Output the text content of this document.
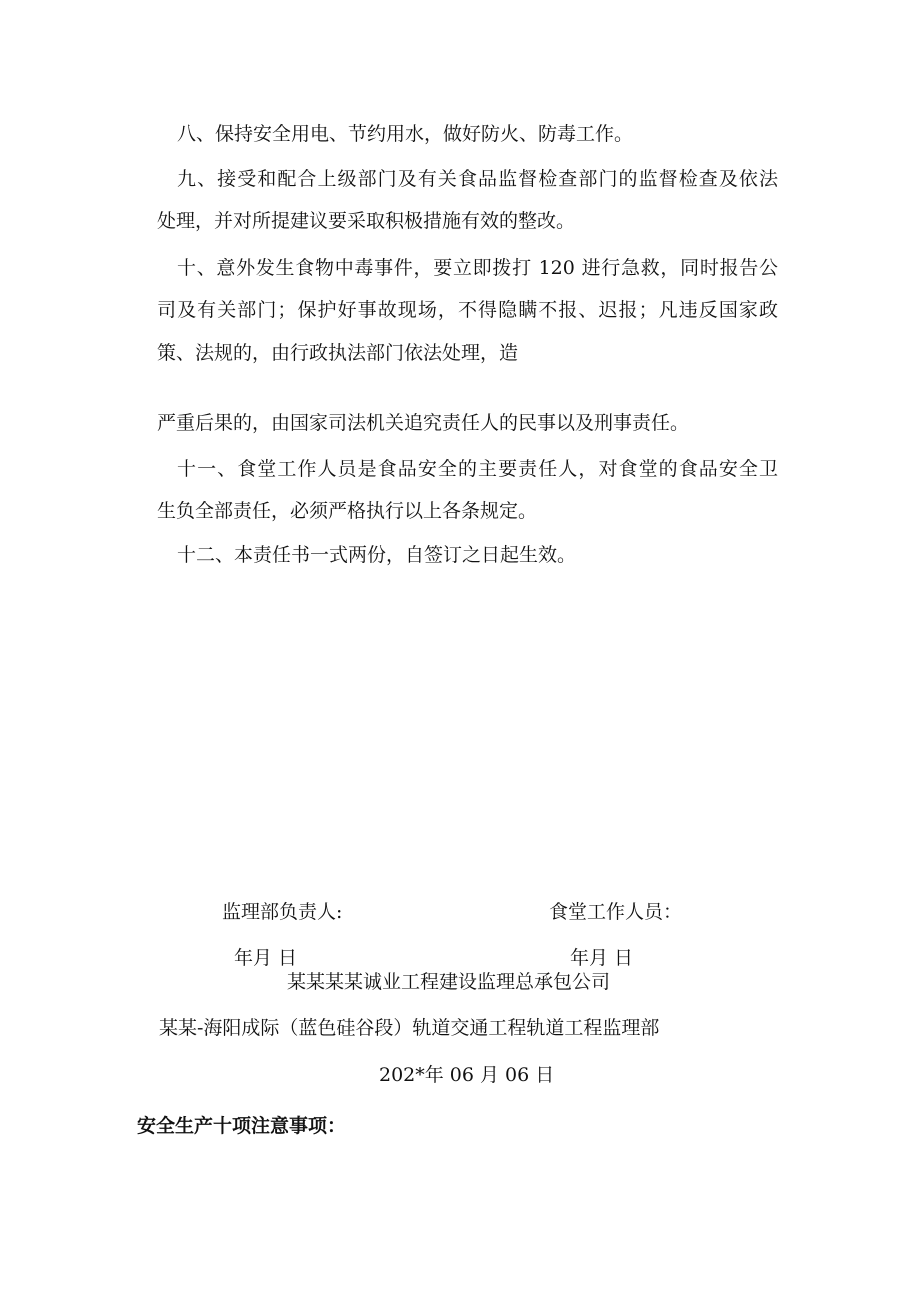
八、保持安全用电、节约用水，做好防火、防毒工作。

九、接受和配合上级部门及有关食品监督检查部门的监督检查及依法

处理，并对所提建议要采取积极措施有效的整改。

十、意外发生食物中毒事件，要立即拨打 120 进行急救，同时报告公

司及有关部门；保护好事故现场，不得隐瞒不报、迟报；凡违反国家政

策、法规的，由行政执法部门依法处理，造

严重后果的，由国家司法机关追究责任人的民事以及刑事责任。

十一、食堂工作人员是食品安全的主要责任人，对食堂的食品安全卫

生负全部责任，必须严格执行以上各条规定。

十二、本责任书一式两份，自签订之日起生效。

监理部负责人:	食堂工作人员：

年月 日	年月 日

某某某某诚业工程建设监理总承包公司

某某-海阳成际（蓝色硅谷段）轨道交通工程轨道工程监理部

202*年 06 月 06 日

安全生产十项注意事项：
